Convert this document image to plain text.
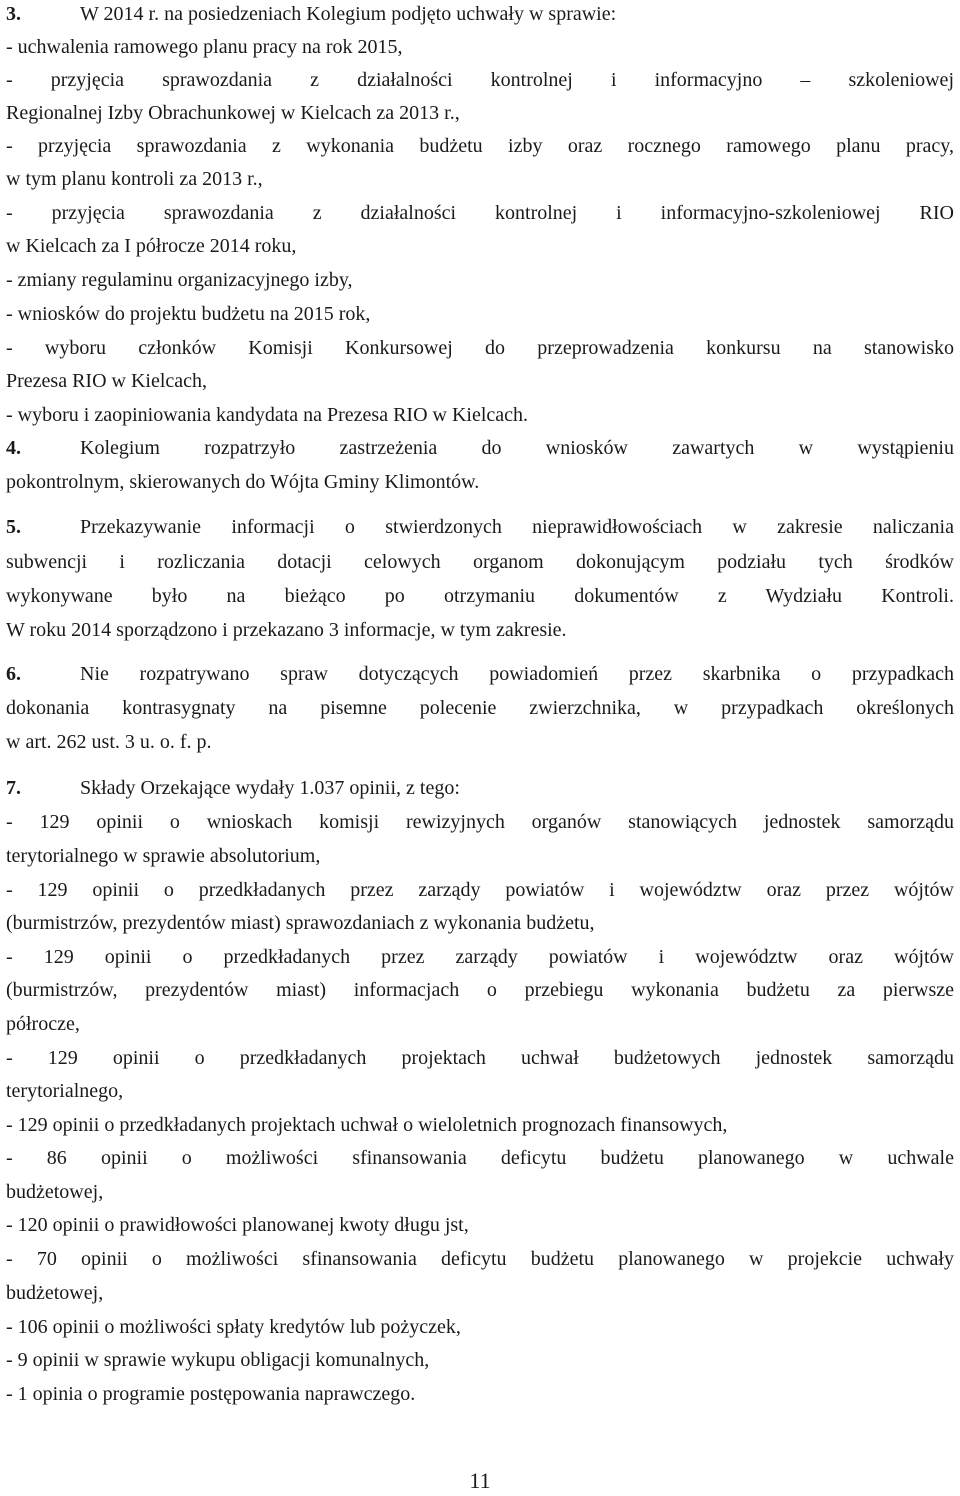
3.	W 2014 r. na posiedzeniach Kolegium podjęto uchwały w sprawie:
- uchwalenia ramowego planu pracy na rok 2015,
- przyjęcia sprawozdania z działalności kontrolnej i informacyjno – szkoleniowej
Regionalnej Izby Obrachunkowej w Kielcach za 2013 r.,
- przyjęcia sprawozdania z wykonania budżetu izby oraz rocznego ramowego planu pracy,
w tym planu kontroli za 2013 r.,
- przyjęcia sprawozdania z działalności kontrolnej i informacyjno-szkoleniowej RIO
w Kielcach za I półrocze 2014 roku,
- zmiany regulaminu organizacyjnego izby,
- wniosków do projektu budżetu na 2015 rok,
- wyboru członków Komisji Konkursowej do przeprowadzenia konkursu na stanowisko
Prezesa RIO w Kielcach,
- wyboru i zaopiniowania kandydata na Prezesa RIO w Kielcach.
4.	Kolegium rozpatrzyło zastrzeżenia do wniosków zawartych w wystąpieniu
pokontrolnym, skierowanych do Wójta Gminy Klimontów.
5.	Przekazywanie informacji o stwierdzonych nieprawidłowościach w zakresie naliczania
subwencji i rozliczania dotacji celowych organom dokonującym podziału tych środków
wykonywane było na bieżąco po otrzymaniu dokumentów z Wydziału Kontroli.
W roku 2014 sporządzono i przekazano 3 informacje, w tym zakresie.
6.	Nie rozpatrywano spraw dotyczących powiadomień przez skarbnika o przypadkach
dokonania kontrasygnaty na pisemne polecenie zwierzchnika, w przypadkach określonych
w art. 262 ust. 3 u. o. f. p.
7.	Składy Orzekające wydały 1.037 opinii, z tego:
- 129 opinii o wnioskach komisji rewizyjnych organów stanowiących jednostek samorządu
terytorialnego w sprawie absolutorium,
- 129 opinii o przedkładanych przez zarządy powiatów i województw oraz przez wójtów
(burmistrzów, prezydentów miast) sprawozdaniach z wykonania budżetu,
- 129 opinii o przedkładanych przez zarządy powiatów i województw oraz wójtów
(burmistrzów, prezydentów miast) informacjach o przebiegu wykonania budżetu za pierwsze
półrocze,
- 129 opinii o przedkładanych projektach uchwał budżetowych jednostek samorządu
terytorialnego,
- 129 opinii o przedkładanych projektach uchwał o wieloletnich prognozach finansowych,
- 86 opinii o możliwości sfinansowania deficytu budżetu planowanego w uchwale
budżetowej,
- 120 opinii o prawidłowości planowanej kwoty długu jst,
- 70 opinii o możliwości sfinansowania deficytu budżetu planowanego w projekcie uchwały
budżetowej,
- 106 opinii o możliwości spłaty kredytów lub pożyczek,
- 9 opinii w sprawie wykupu obligacji komunalnych,
- 1 opinia o programie postępowania naprawczego.
11
